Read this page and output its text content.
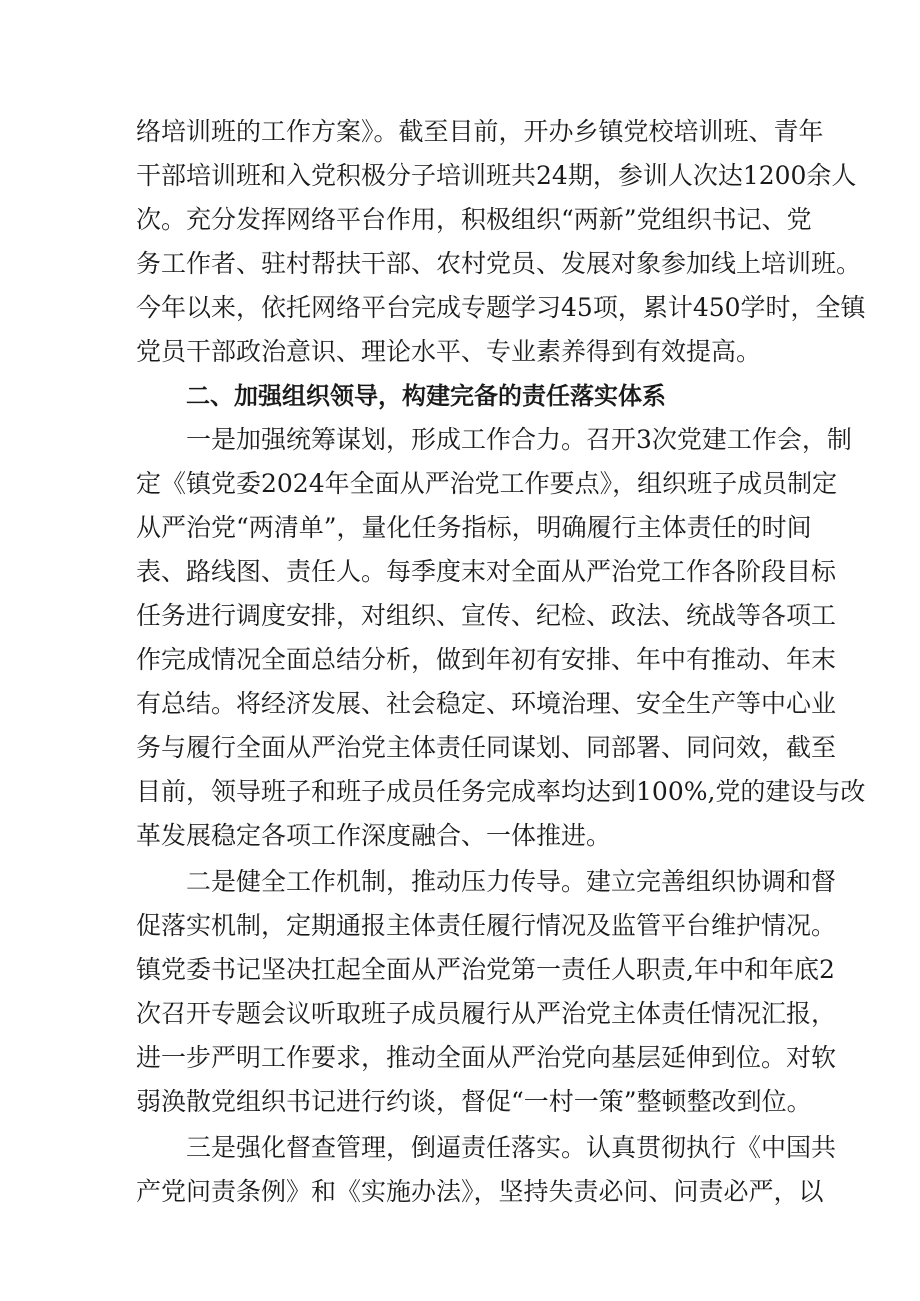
络培训班的工作方案》。截至目前，开办乡镇党校培训班、青年
干部培训班和入党积极分子培训班共24期，参训人次达1200余人
次。充分发挥网络平台作用，积极组织“两新”党组织书记、党
务工作者、驻村帮扶干部、农村党员、发展对象参加线上培训班。
今年以来，依托网络平台完成专题学习45项，累计450学时，全镇
党员干部政治意识、理论水平、专业素养得到有效提高。
二、加强组织领导，构建完备的责任落实体系
一是加强统筹谋划，形成工作合力。召开3次党建工作会，制
定《镇党委2024年全面从严治党工作要点》，组织班子成员制定
从严治党“两清单”，量化任务指标，明确履行主体责任的时间
表、路线图、责任人。每季度末对全面从严治党工作各阶段目标
任务进行调度安排，对组织、宣传、纪检、政法、统战等各项工
作完成情况全面总结分析，做到年初有安排、年中有推动、年末
有总结。将经济发展、社会稳定、环境治理、安全生产等中心业
务与履行全面从严治党主体责任同谋划、同部署、同问效，截至
目前，领导班子和班子成员任务完成率均达到100%,党的建设与改
革发展稳定各项工作深度融合、一体推进。
二是健全工作机制，推动压力传导。建立完善组织协调和督
促落实机制，定期通报主体责任履行情况及监管平台维护情况。
镇党委书记坚决扛起全面从严治党第一责任人职责,年中和年底2
次召开专题会议听取班子成员履行从严治党主体责任情况汇报，
进一步严明工作要求，推动全面从严治党向基层延伸到位。对软
弱涣散党组织书记进行约谈，督促“一村一策”整顿整改到位。
三是强化督查管理，倒逼责任落实。认真贯彻执行《中国共
产党问责条例》和《实施办法》，坚持失责必问、问责必严，以
